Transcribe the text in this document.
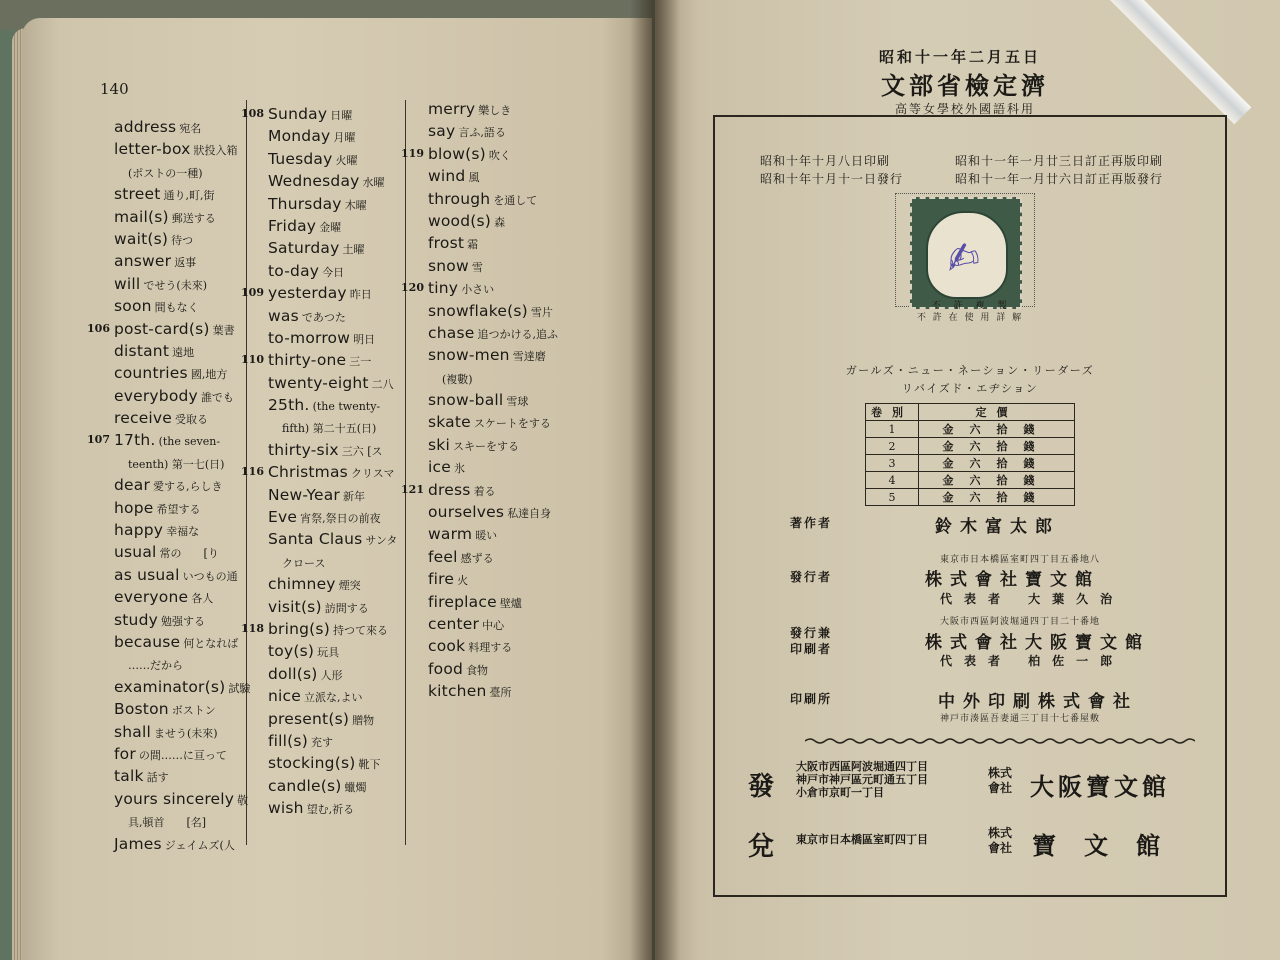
140
address 宛名
letter-box 狀投入箱
(ポストの一種)
street 通り,町,街
mail(s) 郵送する
wait(s) 待つ
answer 返事
will でせう(未來)
soon 間もなく
106 post-card(s) 葉書
distant 遠地
countries 國,地方
everybody 誰でも
receive 受取る
107 17th. (the seven-
teenth) 第一七(日)
dear 愛する,らしき
hope 希望する
happy 幸福な
usual 常の　　[り
as usual いつもの通
everyone 各人
study 勉强する
because 何となれば
……だから
examinator(s) 試驗
Boston ボストン
shall ませう(未來)
for の間……に亘って
talk 話す
yours sincerely 敬
具,頓首　　[名]
James ジェイムズ(人
108 Sunday 日曜
Monday 月曜
Tuesday 火曜
Wednesday 水曜
Thursday 木曜
Friday 金曜
Saturday 土曜
to-day 今日
109 yesterday 昨日
was であつた
to-morrow 明日
110 thirty-one 三一
twenty-eight 二八
25th. (the twenty-
fifth) 第二十五(日)
thirty-six 三六 [ス
116 Christmas クリスマ
New-Year 新年
Eve 宵祭,祭日の前夜
Santa Claus サンタ
クロース
chimney 煙突
visit(s) 訪問する
118 bring(s) 持つて來る
toy(s) 玩具
doll(s) 人形
nice 立派な,よい
present(s) 贈物
fill(s) 充す
stocking(s) 靴下
candle(s) 蠟燭
wish 望む,祈る
merry 樂しき
say 言ふ,語る
119 blow(s) 吹く
wind 風
through を通して
wood(s) 森
frost 霜
snow 雪
120 tiny 小さい
snowflake(s) 雪片
chase 追つかける,追ふ
snow-men 雪達磨
(複數)
snow-ball 雪球
skate スケートをする
ski スキーをする
ice 氷
121 dress 着る
ourselves 私達自身
warm 暖い
feel 感ずる
fire 火
fireplace 壁爐
center 中心
cook 料理する
food 食物
kitchen 臺所
昭和十一年二月五日
文部省檢定濟
高等女學校外國語科用
昭和十年十月八日印刷
昭和十年十月十一日發行
昭和十一年一月廿三日訂正再版印刷
昭和十一年一月廿六日訂正再版發行
✍
不　許　複　製
不 許 在 使 用 詳 解
ガールズ・ニュー・ネーション・リーダーズ
リバイズド・エヂション
卷別	定價
1	金六拾錢
2	金六拾錢
3	金六拾錢
4	金六拾錢
5	金六拾錢
著作者	鈴木富太郎
東京市日本橋區室町四丁目五番地八
發行者	株式會社寶文館
代表者 大葉久治
大阪市西區阿波堀通四丁目二十番地
發行兼
印刷者	株式會社大阪寶文館
代表者 柏佐一郎
印刷所	中外印刷株式會社
神戸市湊區吾妻通三丁目十七番屋敷
發
大阪市西區阿波堀通四丁目
神戸市神戸區元町通五丁目
小倉市京町一丁目
株式
會社 大阪寶文館
兌 東京市日本橋區室町四丁目	株式
會社 寶文館
